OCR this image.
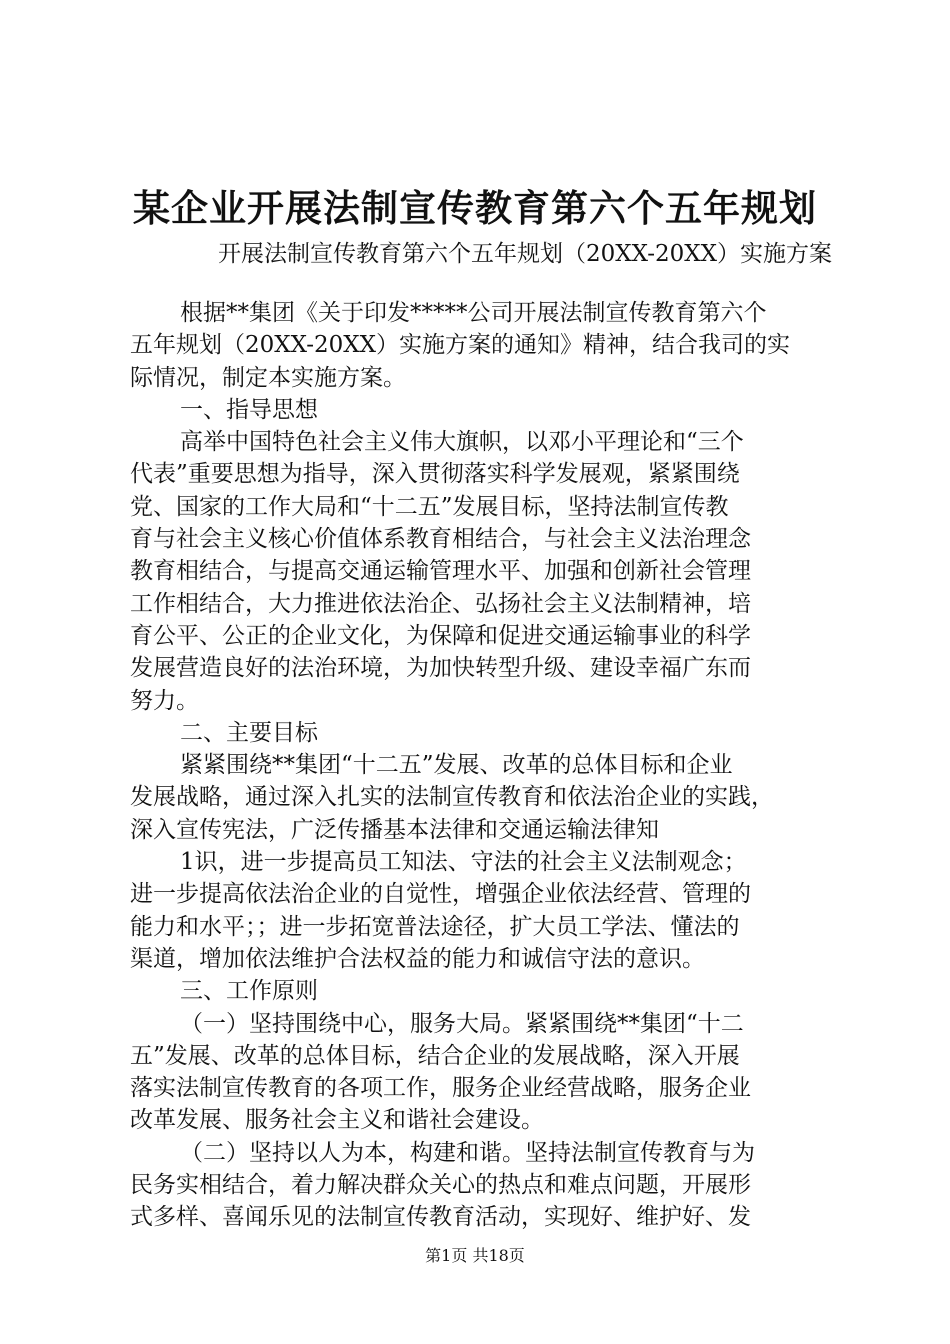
某企业开展法制宣传教育第六个五年规划
开展法制宣传教育第六个五年规划（20XX-20XX）实施方案
根据**集团《关于印发*****公司开展法制宣传教育第六个
五年规划（20XX-20XX）实施方案的通知》精神，结合我司的实
际情况，制定本实施方案。
一、指导思想
高举中国特色社会主义伟大旗帜，以邓小平理论和“三个
代表”重要思想为指导，深入贯彻落实科学发展观，紧紧围绕
党、国家的工作大局和“十二五”发展目标，坚持法制宣传教
育与社会主义核心价值体系教育相结合，与社会主义法治理念
教育相结合，与提高交通运输管理水平、加强和创新社会管理
工作相结合，大力推进依法治企、弘扬社会主义法制精神，培
育公平、公正的企业文化，为保障和促进交通运输事业的科学
发展营造良好的法治环境，为加快转型升级、建设幸福广东而
努力。
二、主要目标
紧紧围绕**集团“十二五”发展、改革的总体目标和企业
发展战略，通过深入扎实的法制宣传教育和依法治企业的实践，
深入宣传宪法，广泛传播基本法律和交通运输法律知
1识，进一步提高员工知法、守法的社会主义法制观念；
进一步提高依法治企业的自觉性，增强企业依法经营、管理的
能力和水平；；进一步拓宽普法途径，扩大员工学法、懂法的
渠道，增加依法维护合法权益的能力和诚信守法的意识。
三、工作原则
（一）坚持围绕中心，服务大局。紧紧围绕**集团“十二
五”发展、改革的总体目标，结合企业的发展战略，深入开展
落实法制宣传教育的各项工作，服务企业经营战略，服务企业
改革发展、服务社会主义和谐社会建设。
（二）坚持以人为本，构建和谐。坚持法制宣传教育与为
民务实相结合，着力解决群众关心的热点和难点问题，开展形
式多样、喜闻乐见的法制宣传教育活动，实现好、维护好、发
第1页 共18页
